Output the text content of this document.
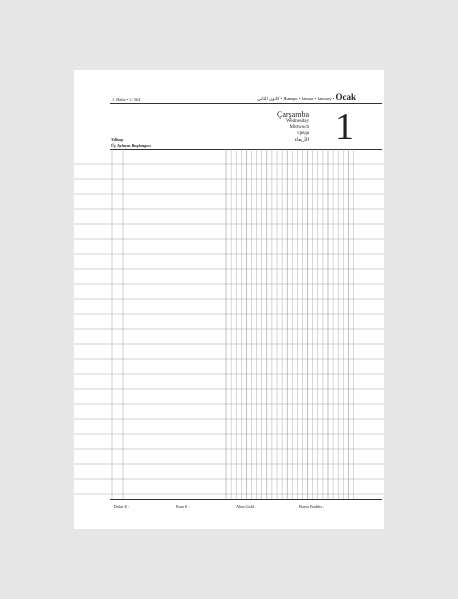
1. Hafta • 1 ⁄ 364	كانون الثاني • Январь • Januar • January • Ocak
Çarşamba
Wednesday
Mittwoch
среда
الأربعاء 1
Yılbaşı
Üç Ayların Başlangıcı
Dolar $ :	Euro € :	Altın Gold :	Borsa Endeks :
